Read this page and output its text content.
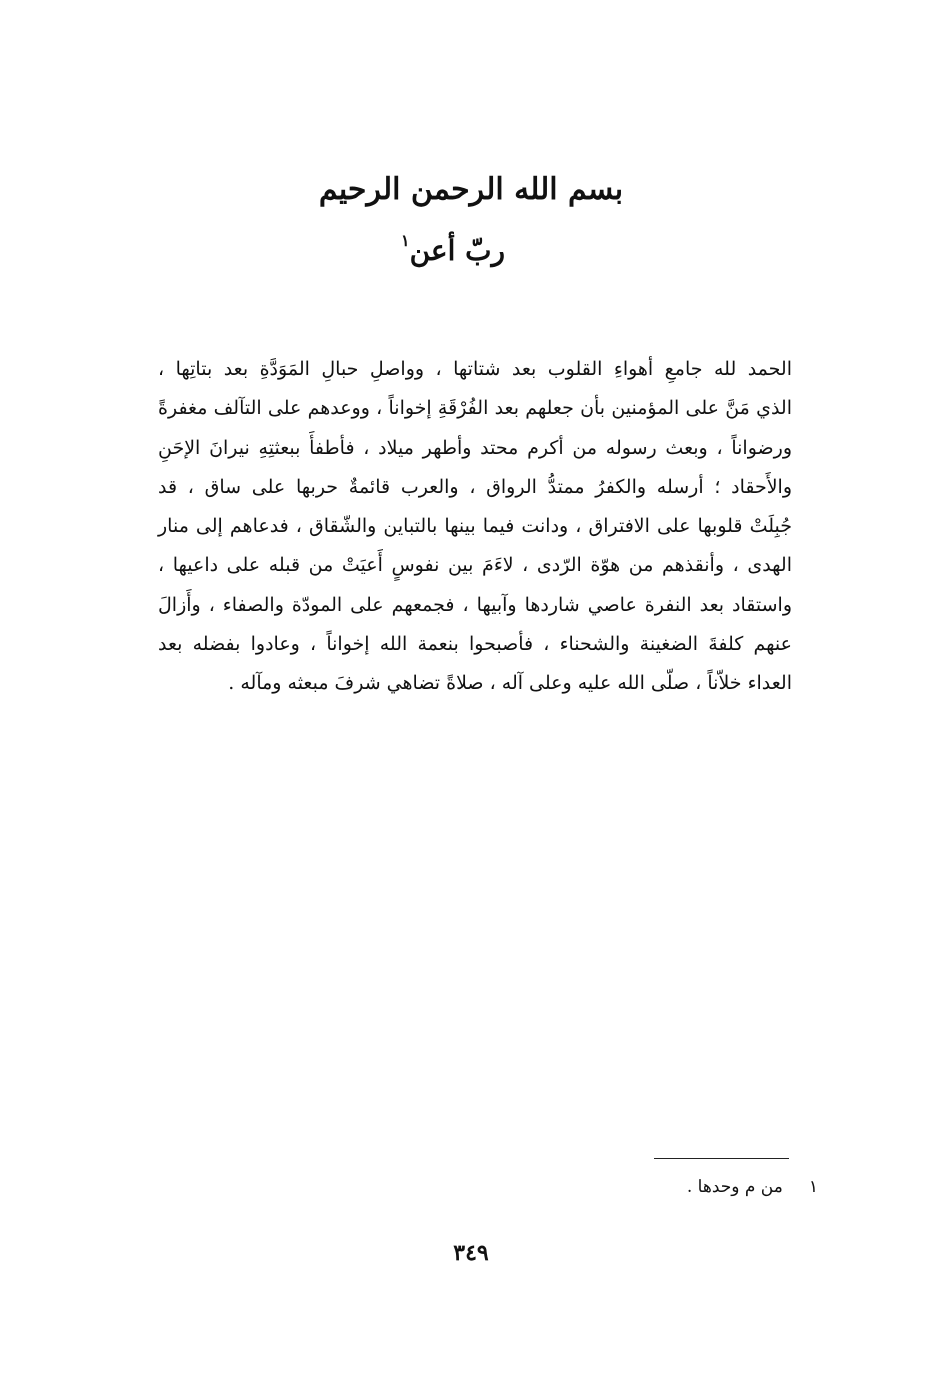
بسم الله الرحمن الرحيم
ربّ أعن$^١$
الحمد لله جامعِ أهواءِ القلوب بعد شتاتها ، وواصلِ حبالِ المَوَدَّةِ بعد بتاتِها ،
الذي مَنَّ على المؤمنين بأن جعلهم بعد الفُرْقَةِ إخواناً ، ووعدهم على التآلف مغفرةً
ورضواناً ، وبعث رسوله من أكرم محتد وأطهر ميلاد ، فأطفأَ ببعثتِهِ نيرانَ الإحَنِ
والأَحقاد ؛ أرسله والكفرُ ممتدُّ الرواق ، والعرب قائمةٌ حربها على ساق ، قد
جُبِلَتْ قلوبها على الافتراق ، ودانت فيما بينها بالتباين والشّقاق ، فدعاهم إلى منار
الهدى ، وأنقذهم من هوّة الرّدى ، لاءَمَ بين نفوسٍ أَعيَتْ من قبله على داعيها ،
واستقاد بعد النفرة عاصي شاردها وآبيها ، فجمعهم على المودّة والصفاء ، وأَزالَ
عنهم كلفةَ الضغينة والشحناء ، فأصبحوا بنعمة الله إخواناً ، وعادوا بفضله بعد
العداء خلاّناً ، صلّى الله عليه وعلى آله ، صلاةً تضاهي شرفَ مبعثه ومآله .
١من م وحدها .
٣٤٩
